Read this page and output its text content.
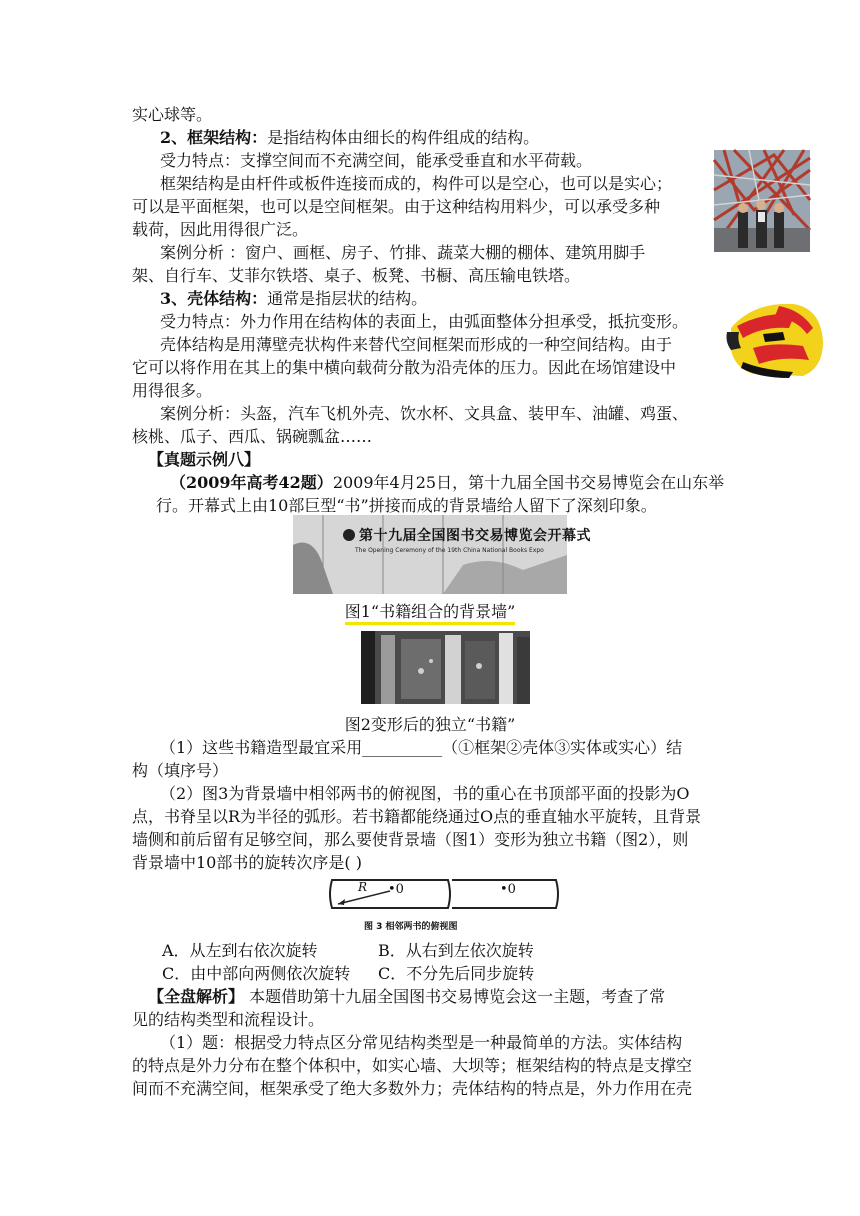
实心球等。
2、框架结构：是指结构体由细长的构件组成的结构。
受力特点：支撑空间而不充满空间，能承受垂直和水平荷载。
框架结构是由杆件或板件连接而成的，构件可以是空心，也可以是实心；
可以是平面框架，也可以是空间框架。由于这种结构用料少，可以承受多种
载荷，因此用得很广泛。
案例分析 ：窗户、画框、房子、竹排、蔬菜大棚的棚体、建筑用脚手
架、自行车、艾菲尔铁塔、桌子、板凳、书橱、高压输电铁塔。
3、壳体结构：通常是指层状的结构。
受力特点：外力作用在结构体的表面上，由弧面整体分担承受，抵抗变形。
壳体结构是用薄壁壳状构件来替代空间框架而形成的一种空间结构。由于
它可以将作用在其上的集中横向载荷分散为沿壳体的压力。因此在场馆建设中
用得很多。
案例分析：头盔，汽车飞机外壳、饮水杯、文具盒、装甲车、油罐、鸡蛋、
核桃、瓜子、西瓜、锅碗瓢盆……
【真题示例八】
（2009年高考42题）2009年4月25日，第十九届全国书交易博览会在山东举
行。开幕式上由10部巨型“书”拼接而成的背景墙给人留下了深刻印象。
第十九届全国图书交易博览会开幕式
The Opening Ceremony of the 19th China National Books Expo
图1“书籍组合的背景墙”
图2变形后的独立“书籍”
（1）这些书籍造型最宜采用__________（①框架②壳体③实体或实心）结
构（填序号）
（2）图3为背景墙中相邻两书的俯视图，书的重心在书顶部平面的投影为O
点，书脊呈以R为半径的弧形。若书籍都能绕通过O点的垂直轴水平旋转，且背景
墙侧和前后留有足够空间，那么要使背景墙（图1）变形为独立书籍（图2），则
背景墙中10部书的旋转次序是( )
R •0	•0
图 3 相邻两书的俯视图
A．从左到右依次旋转	B．从右到左依次旋转
C．由中部向两侧依次旋转 C．不分先后同步旋转
【全盘解析】 本题借助第十九届全国图书交易博览会这一主题，考查了常
见的结构类型和流程设计。
（1）题：根据受力特点区分常见结构类型是一种最简单的方法。实体结构
的特点是外力分布在整个体积中，如实心墙、大坝等；框架结构的特点是支撑空
间而不充满空间，框架承受了绝大多数外力；壳体结构的特点是，外力作用在壳
